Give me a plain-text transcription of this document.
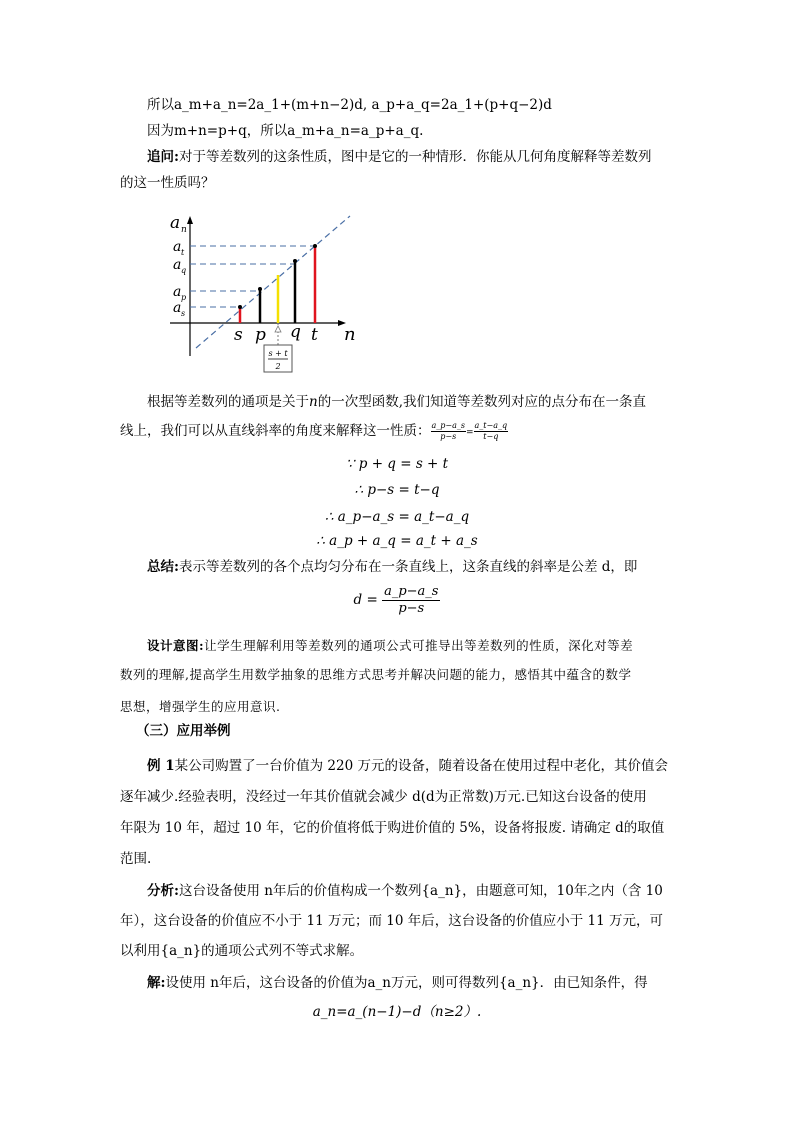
所以a_m+a_n=2a_1+(m+n−2)d, a_p+a_q=2a_1+(p+q−2)d
因为m+n=p+q，所以a_m+a_n=a_p+a_q.
追问:对于等差数列的这条性质，图中是它的一种情形．你能从几何角度解释等差数列
的这一性质吗？
a n
a t
a q
a p
a s
s p q t n
s + t
2
根据等差数列的通项是关于n的一次型函数,我们知道等差数列对应的点分布在一条直
线上，我们可以从直线斜率的角度来解释这一性质： $\frac{a\_p-a\_s}{p-s} = \frac{a\_t-a\_q}{t-q}$
∵ p + q = s + t
∴ p−s = t−q
∴ a_p−a_s = a_t−a_q
∴ a_p + a_q = a_t + a_s
总结:表示等差数列的各个点均匀分布在一条直线上，这条直线的斜率是公差 d，即
$d = \frac{a\_p-a\_s}{p-s}$
设计意图:让学生理解利用等差数列的通项公式可推导出等差数列的性质，深化对等差
数列的理解,提高学生用数学抽象的思维方式思考并解决问题的能力，感悟其中蕴含的数学
思想，增强学生的应用意识.
（三）应用举例
例 1某公司购置了一台价值为 220 万元的设备，随着设备在使用过程中老化，其价值会
逐年减少.经验表明，没经过一年其价值就会减少 d(d为正常数)万元.已知这台设备的使用
年限为 10 年，超过 10 年，它的价值将低于购进价值的 5%，设备将报废. 请确定 d的取值
范围.
分析:这台设备使用 n年后的价值构成一个数列{a_n}，由题意可知，10年之内（含 10
年），这台设备的价值应不小于 11 万元；而 10 年后，这台设备的价值应小于 11 万元，可
以利用{a_n}的通项公式列不等式求解。
解:设使用 n年后，这台设备的价值为a_n万元，则可得数列{a_n}．由已知条件，得
a_n=a_(n−1)−d（n≥2）.
